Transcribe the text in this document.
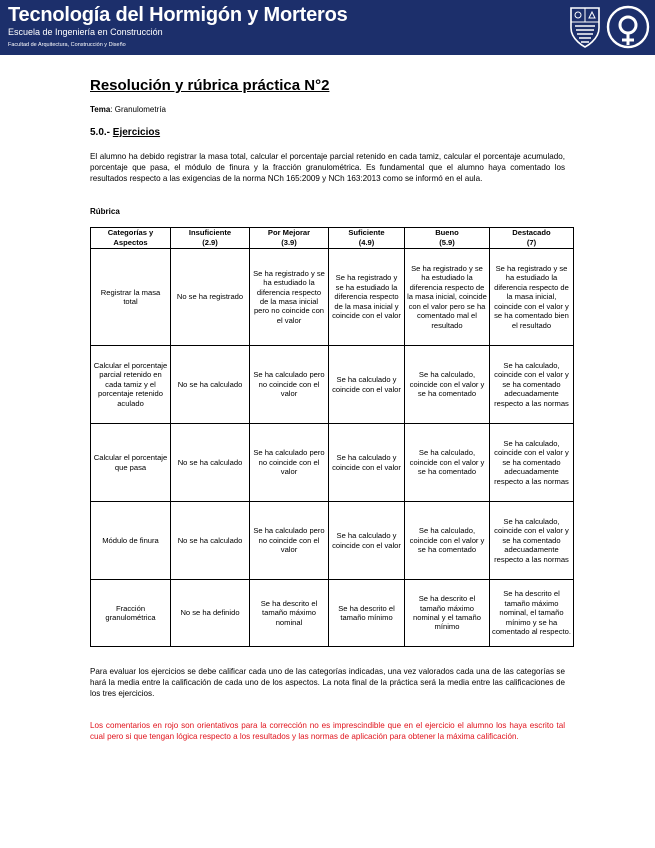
Tecnología del Hormigón y Morteros
Escuela de Ingeniería en Construcción
Facultad de Arquitectura, Construcción y Diseño
Resolución y rúbrica práctica N°2
Tema: Granulometría
5.0.- Ejercicios
El alumno ha debido registrar la masa total, calcular el porcentaje parcial retenido en cada tamiz, calcular el porcentaje acumulado, porcentaje que pasa, el módulo de finura y la fracción granulométrica. Es fundamental que el alumno haya comentado los resultados respecto a las exigencias de la norma NCh 165:2009 y NCh 163:2013 como se informó en el aula.
Rúbrica
Categorías y	Insuficiente	Por Mejorar	Suficiente	Bueno	Destacado
Aspectos	(2.9)	(3.9)	(4.9)	(5.9)	(7)
Registrar la masa total	No se ha registrado	Se ha registrado y se ha estudiado la diferencia respecto de la masa inicial pero no coincide con el valor	Se ha registrado y se ha estudiado la diferencia respecto de la masa inicial y coincide con el valor	Se ha registrado y se ha estudiado la diferencia respecto de la masa inicial, coincide con el valor pero se ha comentado mal el resultado	Se ha registrado y se ha estudiado la diferencia respecto de la masa inicial, coincide con el valor y se ha comentado bien el resultado
Calcular el porcentaje parcial retenido en cada tamiz y el porcentaje retenido aculado	No se ha calculado	Se ha calculado pero no coincide con el valor	Se ha calculado y coincide con el valor	Se ha calculado, coincide con el valor y se ha comentado	Se ha calculado, coincide con el valor y se ha comentado adecuadamente respecto a las normas
Calcular el porcentaje que pasa	No se ha calculado	Se ha calculado pero no coincide con el valor	Se ha calculado y coincide con el valor	Se ha calculado, coincide con el valor y se ha comentado	Se ha calculado, coincide con el valor y se ha comentado adecuadamente respecto a las normas
Módulo de finura	No se ha calculado	Se ha calculado pero no coincide con el valor	Se ha calculado y coincide con el valor	Se ha calculado, coincide con el valor y se ha comentado	Se ha calculado, coincide con el valor y se ha comentado adecuadamente respecto a las normas
Fracción granulométrica	No se ha definido	Se ha descrito el tamaño máximo nominal	Se ha descrito el tamaño mínimo	Se ha descrito el tamaño máximo nominal y el tamaño mínimo	Se ha descrito el tamaño máximo nominal, el tamaño mínimo y se ha comentado al respecto.
Para evaluar los ejercicios se debe calificar cada uno de las categorías indicadas, una vez valorados cada una de las categorías se hará la media entre la calificación de cada uno de los aspectos. La nota final de la práctica será la media entre las calificaciones de los tres ejercicios.
Los comentarios en rojo son orientativos para la corrección no es imprescindible que en el ejercicio el alumno los haya escrito tal cual pero si que tengan lógica respecto a los resultados y las normas de aplicación para obtener la máxima calificación.
